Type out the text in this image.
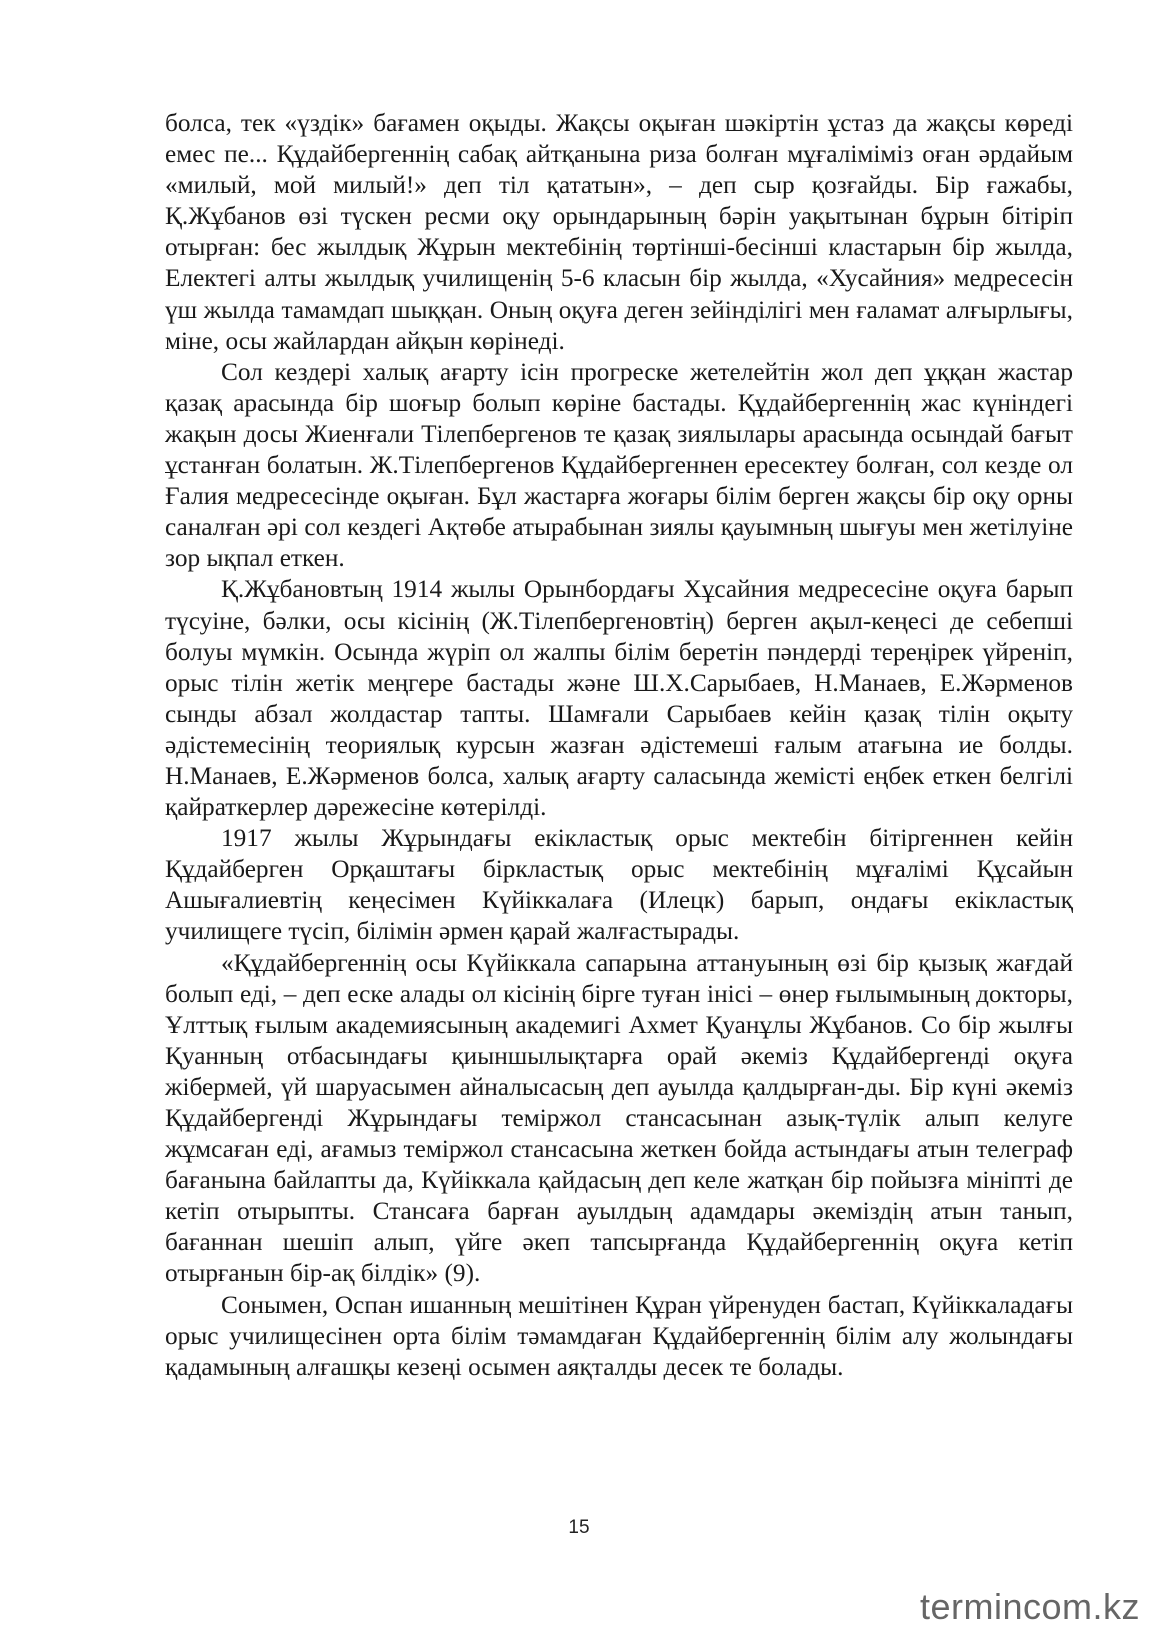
болса, тек «үздік» бағамен оқыды. Жақсы оқыған шәкіртін ұстаз да жақсы көреді емес пе... Құдайбергеннің сабақ айтқанына риза болған мұғаліміміз оған әрдайым «милый, мой милый!» деп тіл қататын», – деп сыр қозғайды. Бір ғажабы, Қ.Жұбанов өзі түскен ресми оқу орындарының бәрін уақытынан бұрын бітіріп отырған: бес жылдық Жұрын мектебінің төртінші-бесінші кластарын бір жылда, Електегі алты жылдық училищенің 5-6 класын бір жылда, «Хусайния» медресесін үш жылда тамамдап шыққан. Оның оқуға деген зейінділігі мен ғаламат алғырлығы, міне, осы жайлардан айқын көрінеді.

Сол кездері халық ағарту ісін прогреске жетелейтін жол деп ұққан жастар қазақ арасында бір шоғыр болып көріне бастады. Құдайбергеннің жас күніндегі жақын досы Жиенғали Тілепбергенов те қазақ зиялылары арасында осындай бағыт ұстанған болатын. Ж.Тілепбергенов Құдайбергеннен ересектеу болған, сол кезде ол Ғалия медресесінде оқыған. Бұл жастарға жоғары білім берген жақсы бір оқу орны саналған әрі сол кездегі Ақтөбе атырабынан зиялы қауымның шығуы мен жетілуіне зор ықпал еткен.

Қ.Жұбановтың 1914 жылы Орынбордағы Хұсайния медресесіне оқуға барып түсуіне, бәлки, осы кісінің (Ж.Тілепбергеновтің) берген ақыл-кеңесі де себепші болуы мүмкін. Осында жүріп ол жалпы білім беретін пәндерді тереңірек үйреніп, орыс тілін жетік меңгере бастады және Ш.Х.Сарыбаев, Н.Манаев, Е.Жәрменов сынды абзал жолдастар тапты. Шамғали Сарыбаев кейін қазақ тілін оқыту әдістемесінің теориялық курсын жазған әдістемеші ғалым атағына ие болды. Н.Манаев, Е.Жәрменов болса, халық ағарту саласында жемісті еңбек еткен белгілі қайраткерлер дәрежесіне көтерілді.

1917 жылы Жұрындағы екікластық орыс мектебін бітіргеннен кейін Құдайберген Орқаштағы бірклacтық орыс мектебінің мұғалімі Құсайын Ашығалиевтің кеңесімен Күйіккалаға (Илецк) барып, ондағы екікластық училищеге түсіп, білімін әрмен қарай жалғастырады.

«Құдайбергеннің осы Күйіккала сапарына аттануының өзі бір қызық жағдай болып еді, – деп еске алады ол кісінің бірге туған інісі – өнер ғылымының докторы, Ұлттық ғылым академиясының академигі Ахмет Қуанұлы Жұбанов. Со бір жылғы Қуанның отбасындағы қиыншылықтарға орай әкеміз Құдайбергенді оқуға жібермей, үй шаруасымен айналысасың деп ауылда қалдырған-ды. Бір күні әкеміз Құдайбергенді Жұрындағы теміржол стансасынан азық-түлік алып келуге жұмсаған еді, ағамыз теміржол стансасына жеткен бойда астындағы атын телеграф бағанына байлапты да, Күйіккала қайдасың деп келе жатқан бір пойызға мініпті де кетіп отырыпты. Стансаға барған ауылдың адамдары әкеміздің атын танып, бағаннан шешіп алып, үйге әкеп тапсырғанда Құдайбергеннің оқуға кетіп отырғанын бір-ақ білдік» (9).

Сонымен, Оспан ишанның мешітінен Құран үйренуден бастап, Күйіккаладағы орыс училищесінен орта білім тәмамдаған Құдайбергеннің білім алу жолындағы қадамының алғашқы кезеңі осымен аяқталды десек те болады.

15
termincom.kz
